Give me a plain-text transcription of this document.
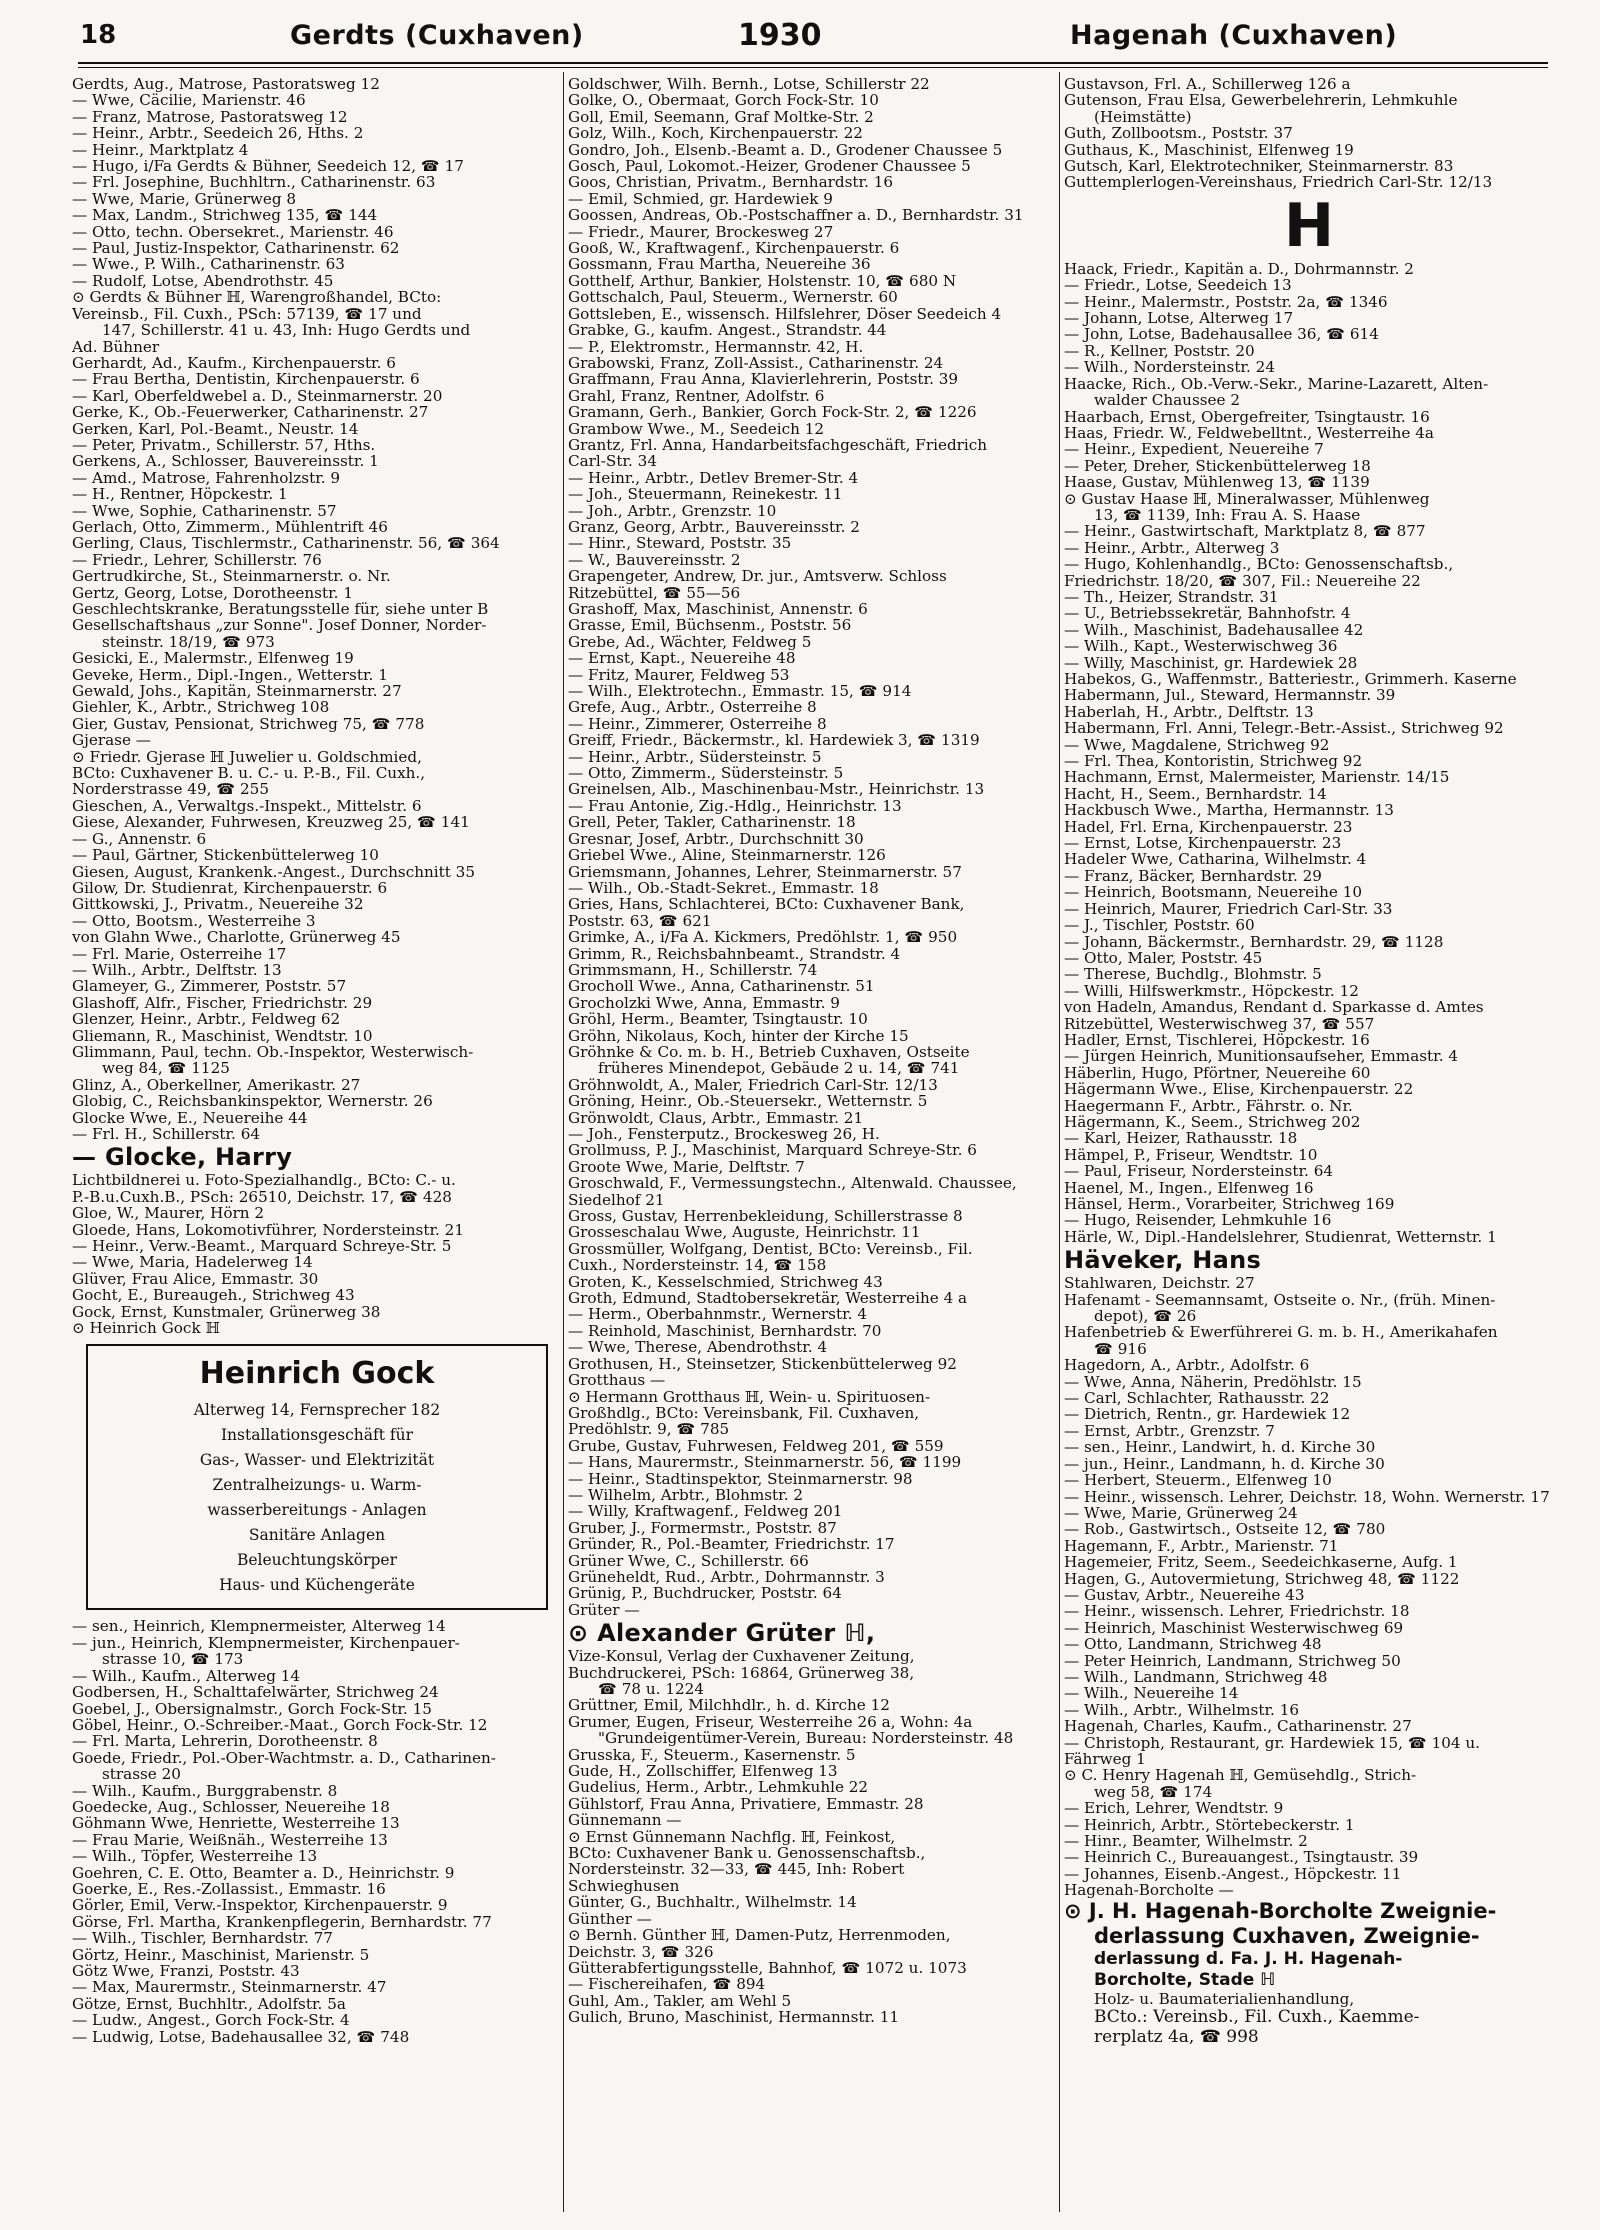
18	Gerdts (Cuxhaven)	1930	Hagenah (Cuxhaven)
Gerdts, Aug., Matrose, Pastoratsweg 12
— Wwe, Cäcilie, Marienstr. 46
— Franz, Matrose, Pastoratsweg 12
— Heinr., Arbtr., Seedeich 26, Hths. 2
— Heinr., Marktplatz 4
— Hugo, i/Fa Gerdts & Bühner, Seedeich 12, ☎ 17
— Frl. Josephine, Buchhltrn., Catharinenstr. 63
— Wwe, Marie, Grünerweg 8
— Max, Landm., Strichweg 135, ☎ 144
— Otto, techn. Obersekret., Marienstr. 46
— Paul, Justiz-Inspektor, Catharinenstr. 62
— Wwe., P. Wilh., Catharinenstr. 63
— Rudolf, Lotse, Abendrothstr. 45
⊙ Gerdts & Bühner ℍ, Warengroßhandel, BCto:
Vereinsb., Fil. Cuxh., PSch: 57139, ☎ 17 und
147, Schillerstr. 41 u. 43, Inh: Hugo Gerdts und
Ad. Bühner
Gerhardt, Ad., Kaufm., Kirchenpauerstr. 6
— Frau Bertha, Dentistin, Kirchenpauerstr. 6
— Karl, Oberfeldwebel a. D., Steinmarnerstr. 20
Gerke, K., Ob.-Feuerwerker, Catharinenstr. 27
Gerken, Karl, Pol.-Beamt., Neustr. 14
— Peter, Privatm., Schillerstr. 57, Hths.
Gerkens, A., Schlosser, Bauvereinsstr. 1
— Amd., Matrose, Fahrenholzstr. 9
— H., Rentner, Höpckestr. 1
— Wwe, Sophie, Catharinenstr. 57
Gerlach, Otto, Zimmerm., Mühlentrift 46
Gerling, Claus, Tischlermstr., Catharinenstr. 56, ☎ 364
— Friedr., Lehrer, Schillerstr. 76
Gertrudkirche, St., Steinmarnerstr. o. Nr.
Gertz, Georg, Lotse, Dorotheenstr. 1
Geschlechtskranke, Beratungsstelle für, siehe unter B
Gesellschaftshaus „zur Sonne". Josef Donner, Norder-
steinstr. 18/19, ☎ 973
Gesicki, E., Malermstr., Elfenweg 19
Geveke, Herm., Dipl.-Ingen., Wetterstr. 1
Gewald, Johs., Kapitän, Steinmarnerstr. 27
Giehler, K., Arbtr., Strichweg 108
Gier, Gustav, Pensionat, Strichweg 75, ☎ 778
Gjerase —
⊙ Friedr. Gjerase ℍ Juwelier u. Goldschmied,
BCto: Cuxhavener B. u. C.- u. P.-B., Fil. Cuxh.,
Norderstrasse 49, ☎ 255
Gieschen, A., Verwaltgs.-Inspekt., Mittelstr. 6
Giese, Alexander, Fuhrwesen, Kreuzweg 25, ☎ 141
— G., Annenstr. 6
— Paul, Gärtner, Stickenbüttelerweg 10
Giesen, August, Krankenk.-Angest., Durchschnitt 35
Gilow, Dr. Studienrat, Kirchenpauerstr. 6
Gittkowski, J., Privatm., Neuereihe 32
— Otto, Bootsm., Westerreihe 3
von Glahn Wwe., Charlotte, Grünerweg 45
— Frl. Marie, Osterreihe 17
— Wilh., Arbtr., Delftstr. 13
Glameyer, G., Zimmerer, Poststr. 57
Glashoff, Alfr., Fischer, Friedrichstr. 29
Glenzer, Heinr., Arbtr., Feldweg 62
Gliemann, R., Maschinist, Wendtstr. 10
Glimmann, Paul, techn. Ob.-Inspektor, Westerwisch-
weg 84, ☎ 1125
Glinz, A., Oberkellner, Amerikastr. 27
Globig, C., Reichsbankinspektor, Wernerstr. 26
Glocke Wwe, E., Neuereihe 44
— Frl. H., Schillerstr. 64
— Glocke, Harry
Lichtbildnerei u. Foto-Spezialhandlg., BCto: C.- u.
P.-B.u.Cuxh.B., PSch: 26510, Deichstr. 17, ☎ 428
Gloe, W., Maurer, Hörn 2
Gloede, Hans, Lokomotivführer, Nordersteinstr. 21
— Heinr., Verw.-Beamt., Marquard Schreye-Str. 5
— Wwe, Maria, Hadelerweg 14
Glüver, Frau Alice, Emmastr. 30
Gocht, E., Bureaugeh., Strichweg 43
Gock, Ernst, Kunstmaler, Grünerweg 38
⊙ Heinrich Gock ℍ
Heinrich Gock
Alterweg 14, Fernsprecher 182
Installationsgeschäft für
Gas-, Wasser- und Elektrizität
Zentralheizungs- u. Warm-
wasserbereitungs - Anlagen
Sanitäre Anlagen
Beleuchtungskörper
Haus- und Küchengeräte
— sen., Heinrich, Klempnermeister, Alterweg 14
— jun., Heinrich, Klempnermeister, Kirchenpauer-
strasse 10, ☎ 173
— Wilh., Kaufm., Alterweg 14
Godbersen, H., Schalttafelwärter, Strichweg 24
Goebel, J., Obersignalmstr., Gorch Fock-Str. 15
Göbel, Heinr., O.-Schreiber.-Maat., Gorch Fock-Str. 12
— Frl. Marta, Lehrerin, Dorotheenstr. 8
Goede, Friedr., Pol.-Ober-Wachtmstr. a. D., Catharinen-
strasse 20
— Wilh., Kaufm., Burggrabenstr. 8
Goedecke, Aug., Schlosser, Neuereihe 18
Göhmann Wwe, Henriette, Westerreihe 13
— Frau Marie, Weißnäh., Westerreihe 13
— Wilh., Töpfer, Westerreihe 13
Goehren, C. E. Otto, Beamter a. D., Heinrichstr. 9
Goerke, E., Res.-Zollassist., Emmastr. 16
Görler, Emil, Verw.-Inspektor, Kirchenpauerstr. 9
Görse, Frl. Martha, Krankenpflegerin, Bernhardstr. 77
— Wilh., Tischler, Bernhardstr. 77
Görtz, Heinr., Maschinist, Marienstr. 5
Götz Wwe, Franzi, Poststr. 43
— Max, Maurermstr., Steinmarnerstr. 47
Götze, Ernst, Buchhltr., Adolfstr. 5a
— Ludw., Angest., Gorch Fock-Str. 4
— Ludwig, Lotse, Badehausallee 32, ☎ 748
Goldschwer, Wilh. Bernh., Lotse, Schillerstr 22
Golke, O., Obermaat, Gorch Fock-Str. 10
Goll, Emil, Seemann, Graf Moltke-Str. 2
Golz, Wilh., Koch, Kirchenpauerstr. 22
Gondro, Joh., Elsenb.-Beamt a. D., Grodener Chaussee 5
Gosch, Paul, Lokomot.-Heizer, Grodener Chaussee 5
Goos, Christian, Privatm., Bernhardstr. 16
— Emil, Schmied, gr. Hardewiek 9
Goossen, Andreas, Ob.-Postschaffner a. D., Bernhardstr. 31
— Friedr., Maurer, Brockesweg 27
Gooß, W., Kraftwagenf., Kirchenpauerstr. 6
Gossmann, Frau Martha, Neuereihe 36
Gotthelf, Arthur, Bankier, Holstenstr. 10, ☎ 680 N
Gottschalch, Paul, Steuerm., Wernerstr. 60
Gottsleben, E., wissensch. Hilfslehrer, Döser Seedeich 4
Grabke, G., kaufm. Angest., Strandstr. 44
— P., Elektromstr., Hermannstr. 42, H.
Grabowski, Franz, Zoll-Assist., Catharinenstr. 24
Graffmann, Frau Anna, Klavierlehrerin, Poststr. 39
Grahl, Franz, Rentner, Adolfstr. 6
Gramann, Gerh., Bankier, Gorch Fock-Str. 2, ☎ 1226
Grambow Wwe., M., Seedeich 12
Grantz, Frl. Anna, Handarbeitsfachgeschäft, Friedrich
Carl-Str. 34
— Heinr., Arbtr., Detlev Bremer-Str. 4
— Joh., Steuermann, Reinekestr. 11
— Joh., Arbtr., Grenzstr. 10
Granz, Georg, Arbtr., Bauvereinsstr. 2
— Hinr., Steward, Poststr. 35
— W., Bauvereinsstr. 2
Grapengeter, Andrew, Dr. jur., Amtsverw. Schloss
Ritzebüttel, ☎ 55—56
Grashoff, Max, Maschinist, Annenstr. 6
Grasse, Emil, Büchsenm., Poststr. 56
Grebe, Ad., Wächter, Feldweg 5
— Ernst, Kapt., Neuereihe 48
— Fritz, Maurer, Feldweg 53
— Wilh., Elektrotechn., Emmastr. 15, ☎ 914
Grefe, Aug., Arbtr., Osterreihe 8
— Heinr., Zimmerer, Osterreihe 8
Greiff, Friedr., Bäckermstr., kl. Hardewiek 3, ☎ 1319
— Heinr., Arbtr., Südersteinstr. 5
— Otto, Zimmerm., Südersteinstr. 5
Greinelsen, Alb., Maschinenbau-Mstr., Heinrichstr. 13
— Frau Antonie, Zig.-Hdlg., Heinrichstr. 13
Grell, Peter, Takler, Catharinenstr. 18
Gresnar, Josef, Arbtr., Durchschnitt 30
Griebel Wwe., Aline, Steinmarnerstr. 126
Griemsmann, Johannes, Lehrer, Steinmarnerstr. 57
— Wilh., Ob.-Stadt-Sekret., Emmastr. 18
Gries, Hans, Schlachterei, BCto: Cuxhavener Bank,
Poststr. 63, ☎ 621
Grimke, A., i/Fa A. Kickmers, Predöhlstr. 1, ☎ 950
Grimm, R., Reichsbahnbeamt., Strandstr. 4
Grimmsmann, H., Schillerstr. 74
Grocholl Wwe., Anna, Catharinenstr. 51
Grocholzki Wwe, Anna, Emmastr. 9
Gröhl, Herm., Beamter, Tsingtaustr. 10
Gröhn, Nikolaus, Koch, hinter der Kirche 15
Gröhnke & Co. m. b. H., Betrieb Cuxhaven, Ostseite
früheres Minendepot, Gebäude 2 u. 14, ☎ 741
Gröhnwoldt, A., Maler, Friedrich Carl-Str. 12/13
Gröning, Heinr., Ob.-Steuersekr., Wetternstr. 5
Grönwoldt, Claus, Arbtr., Emmastr. 21
— Joh., Fensterputz., Brockesweg 26, H.
Grollmuss, P. J., Maschinist, Marquard Schreye-Str. 6
Groote Wwe, Marie, Delftstr. 7
Groschwald, F., Vermessungstechn., Altenwald. Chaussee,
Siedelhof 21
Gross, Gustav, Herrenbekleidung, Schillerstrasse 8
Grosseschalau Wwe, Auguste, Heinrichstr. 11
Grossmüller, Wolfgang, Dentist, BCto: Vereinsb., Fil.
Cuxh., Nordersteinstr. 14, ☎ 158
Groten, K., Kesselschmied, Strichweg 43
Groth, Edmund, Stadtobersekretär, Westerreihe 4 a
— Herm., Oberbahnmstr., Wernerstr. 4
— Reinhold, Maschinist, Bernhardstr. 70
— Wwe, Therese, Abendrothstr. 4
Grothusen, H., Steinsetzer, Stickenbüttelerweg 92
Grotthaus —
⊙ Hermann Grotthaus ℍ, Wein- u. Spirituosen-
Großhdlg., BCto: Vereinsbank, Fil. Cuxhaven,
Predöhlstr. 9, ☎ 785
Grube, Gustav, Fuhrwesen, Feldweg 201, ☎ 559
— Hans, Maurermstr., Steinmarnerstr. 56, ☎ 1199
— Heinr., Stadtinspektor, Steinmarnerstr. 98
— Wilhelm, Arbtr., Blohmstr. 2
— Willy, Kraftwagenf., Feldweg 201
Gruber, J., Formermstr., Poststr. 87
Gründer, R., Pol.-Beamter, Friedrichstr. 17
Grüner Wwe, C., Schillerstr. 66
Grüneheldt, Rud., Arbtr., Dohrmannstr. 3
Grünig, P., Buchdrucker, Poststr. 64
Grüter —
⊙ Alexander Grüter ℍ,
Vize-Konsul, Verlag der Cuxhavener Zeitung,
Buchdruckerei, PSch: 16864, Grünerweg 38,
☎ 78 u. 1224
Grüttner, Emil, Milchhdlr., h. d. Kirche 12
Grumer, Eugen, Friseur, Westerreihe 26 a, Wohn: 4a
"Grundeigentümer-Verein, Bureau: Nordersteinstr. 48
Grusska, F., Steuerm., Kasernenstr. 5
Gude, H., Zollschiffer, Elfenweg 13
Gudelius, Herm., Arbtr., Lehmkuhle 22
Gühlstorf, Frau Anna, Privatiere, Emmastr. 28
Günnemann —
⊙ Ernst Günnemann Nachflg. ℍ, Feinkost,
BCto: Cuxhavener Bank u. Genossenschaftsb.,
Nordersteinstr. 32—33, ☎ 445, Inh: Robert
Schwieghusen
Günter, G., Buchhaltr., Wilhelmstr. 14
Günther —
⊙ Bernh. Günther ℍ, Damen-Putz, Herrenmoden,
Deichstr. 3, ☎ 326
Gütterabfertigungsstelle, Bahnhof, ☎ 1072 u. 1073
— Fischereihafen, ☎ 894
Guhl, Am., Takler, am Wehl 5
Gulich, Bruno, Maschinist, Hermannstr. 11
Gustavson, Frl. A., Schillerweg 126 a
Gutenson, Frau Elsa, Gewerbelehrerin, Lehmkuhle
(Heimstätte)
Guth, Zollbootsm., Poststr. 37
Guthaus, K., Maschinist, Elfenweg 19
Gutsch, Karl, Elektrotechniker, Steinmarnerstr. 83
Guttemplerlogen-Vereinshaus, Friedrich Carl-Str. 12/13
H
Haack, Friedr., Kapitän a. D., Dohrmannstr. 2
— Friedr., Lotse, Seedeich 13
— Heinr., Malermstr., Poststr. 2a, ☎ 1346
— Johann, Lotse, Alterweg 17
— John, Lotse, Badehausallee 36, ☎ 614
— R., Kellner, Poststr. 20
— Wilh., Nordersteinstr. 24
Haacke, Rich., Ob.-Verw.-Sekr., Marine-Lazarett, Alten-
walder Chaussee 2
Haarbach, Ernst, Obergefreiter, Tsingtaustr. 16
Haas, Friedr. W., Feldwebelltnt., Westerreihe 4a
— Heinr., Expedient, Neuereihe 7
— Peter, Dreher, Stickenbüttelerweg 18
Haase, Gustav, Mühlenweg 13, ☎ 1139
⊙ Gustav Haase ℍ, Mineralwasser, Mühlenweg
13, ☎ 1139, Inh: Frau A. S. Haase
— Heinr., Gastwirtschaft, Marktplatz 8, ☎ 877
— Heinr., Arbtr., Alterweg 3
— Hugo, Kohlenhandlg., BCto: Genossenschaftsb.,
Friedrichstr. 18/20, ☎ 307, Fil.: Neuereihe 22
— Th., Heizer, Strandstr. 31
— U., Betriebssekretär, Bahnhofstr. 4
— Wilh., Maschinist, Badehausallee 42
— Wilh., Kapt., Westerwischweg 36
— Willy, Maschinist, gr. Hardewiek 28
Habekos, G., Waffenmstr., Batteriestr., Grimmerh. Kaserne
Habermann, Jul., Steward, Hermannstr. 39
Haberlah, H., Arbtr., Delftstr. 13
Habermann, Frl. Anni, Telegr.-Betr.-Assist., Strichweg 92
— Wwe, Magdalene, Strichweg 92
— Frl. Thea, Kontoristin, Strichweg 92
Hachmann, Ernst, Malermeister, Marienstr. 14/15
Hacht, H., Seem., Bernhardstr. 14
Hackbusch Wwe., Martha, Hermannstr. 13
Hadel, Frl. Erna, Kirchenpauerstr. 23
— Ernst, Lotse, Kirchenpauerstr. 23
Hadeler Wwe, Catharina, Wilhelmstr. 4
— Franz, Bäcker, Bernhardstr. 29
— Heinrich, Bootsmann, Neuereihe 10
— Heinrich, Maurer, Friedrich Carl-Str. 33
— J., Tischler, Poststr. 60
— Johann, Bäckermstr., Bernhardstr. 29, ☎ 1128
— Otto, Maler, Poststr. 45
— Therese, Buchdlg., Blohmstr. 5
— Willi, Hilfswerkmstr., Höpckestr. 12
von Hadeln, Amandus, Rendant d. Sparkasse d. Amtes
Ritzebüttel, Westerwischweg 37, ☎ 557
Hadler, Ernst, Tischlerei, Höpckestr. 16
— Jürgen Heinrich, Munitionsaufseher, Emmastr. 4
Häberlin, Hugo, Pförtner, Neuereihe 60
Hägermann Wwe., Elise, Kirchenpauerstr. 22
Haegermann F., Arbtr., Fährstr. o. Nr.
Hägermann, K., Seem., Strichweg 202
— Karl, Heizer, Rathausstr. 18
Hämpel, P., Friseur, Wendtstr. 10
— Paul, Friseur, Nordersteinstr. 64
Haenel, M., Ingen., Elfenweg 16
Hänsel, Herm., Vorarbeiter, Strichweg 169
— Hugo, Reisender, Lehmkuhle 16
Härle, W., Dipl.-Handelslehrer, Studienrat, Wetternstr. 1
Häveker, Hans
Stahlwaren, Deichstr. 27
Hafenamt - Seemannsamt, Ostseite o. Nr., (früh. Minen-
depot), ☎ 26
Hafenbetrieb & Ewerführerei G. m. b. H., Amerikahafen
☎ 916
Hagedorn, A., Arbtr., Adolfstr. 6
— Wwe, Anna, Näherin, Predöhlstr. 15
— Carl, Schlachter, Rathausstr. 22
— Dietrich, Rentn., gr. Hardewiek 12
— Ernst, Arbtr., Grenzstr. 7
— sen., Heinr., Landwirt, h. d. Kirche 30
— jun., Heinr., Landmann, h. d. Kirche 30
— Herbert, Steuerm., Elfenweg 10
— Heinr., wissensch. Lehrer, Deichstr. 18, Wohn. Wernerstr. 17
— Wwe, Marie, Grünerweg 24
— Rob., Gastwirtsch., Ostseite 12, ☎ 780
Hagemann, F., Arbtr., Marienstr. 71
Hagemeier, Fritz, Seem., Seedeichkaserne, Aufg. 1
Hagen, G., Autovermietung, Strichweg 48, ☎ 1122
— Gustav, Arbtr., Neuereihe 43
— Heinr., wissensch. Lehrer, Friedrichstr. 18
— Heinrich, Maschinist Westerwischweg 69
— Otto, Landmann, Strichweg 48
— Peter Heinrich, Landmann, Strichweg 50
— Wilh., Landmann, Strichweg 48
— Wilh., Neuereihe 14
— Wilh., Arbtr., Wilhelmstr. 16
Hagenah, Charles, Kaufm., Catharinenstr. 27
— Christoph, Restaurant, gr. Hardewiek 15, ☎ 104 u.
Fährweg 1
⊙ C. Henry Hagenah ℍ, Gemüsehdlg., Strich-
weg 58, ☎ 174
— Erich, Lehrer, Wendtstr. 9
— Heinrich, Arbtr., Störtebeckerstr. 1
— Hinr., Beamter, Wilhelmstr. 2
— Heinrich C., Bureauangest., Tsingtaustr. 39
— Johannes, Eisenb.-Angest., Höpckestr. 11
Hagenah-Borcholte —
⊙ J. H. Hagenah-Borcholte Zweignie-
derlassung Cuxhaven, Zweignie-
derlassung d. Fa. J. H. Hagenah-
Borcholte, Stade ℍ
Holz- u. Baumaterialienhandlung,
BCto.: Vereinsb., Fil. Cuxh., Kaemme-
rerplatz 4a, ☎ 998
